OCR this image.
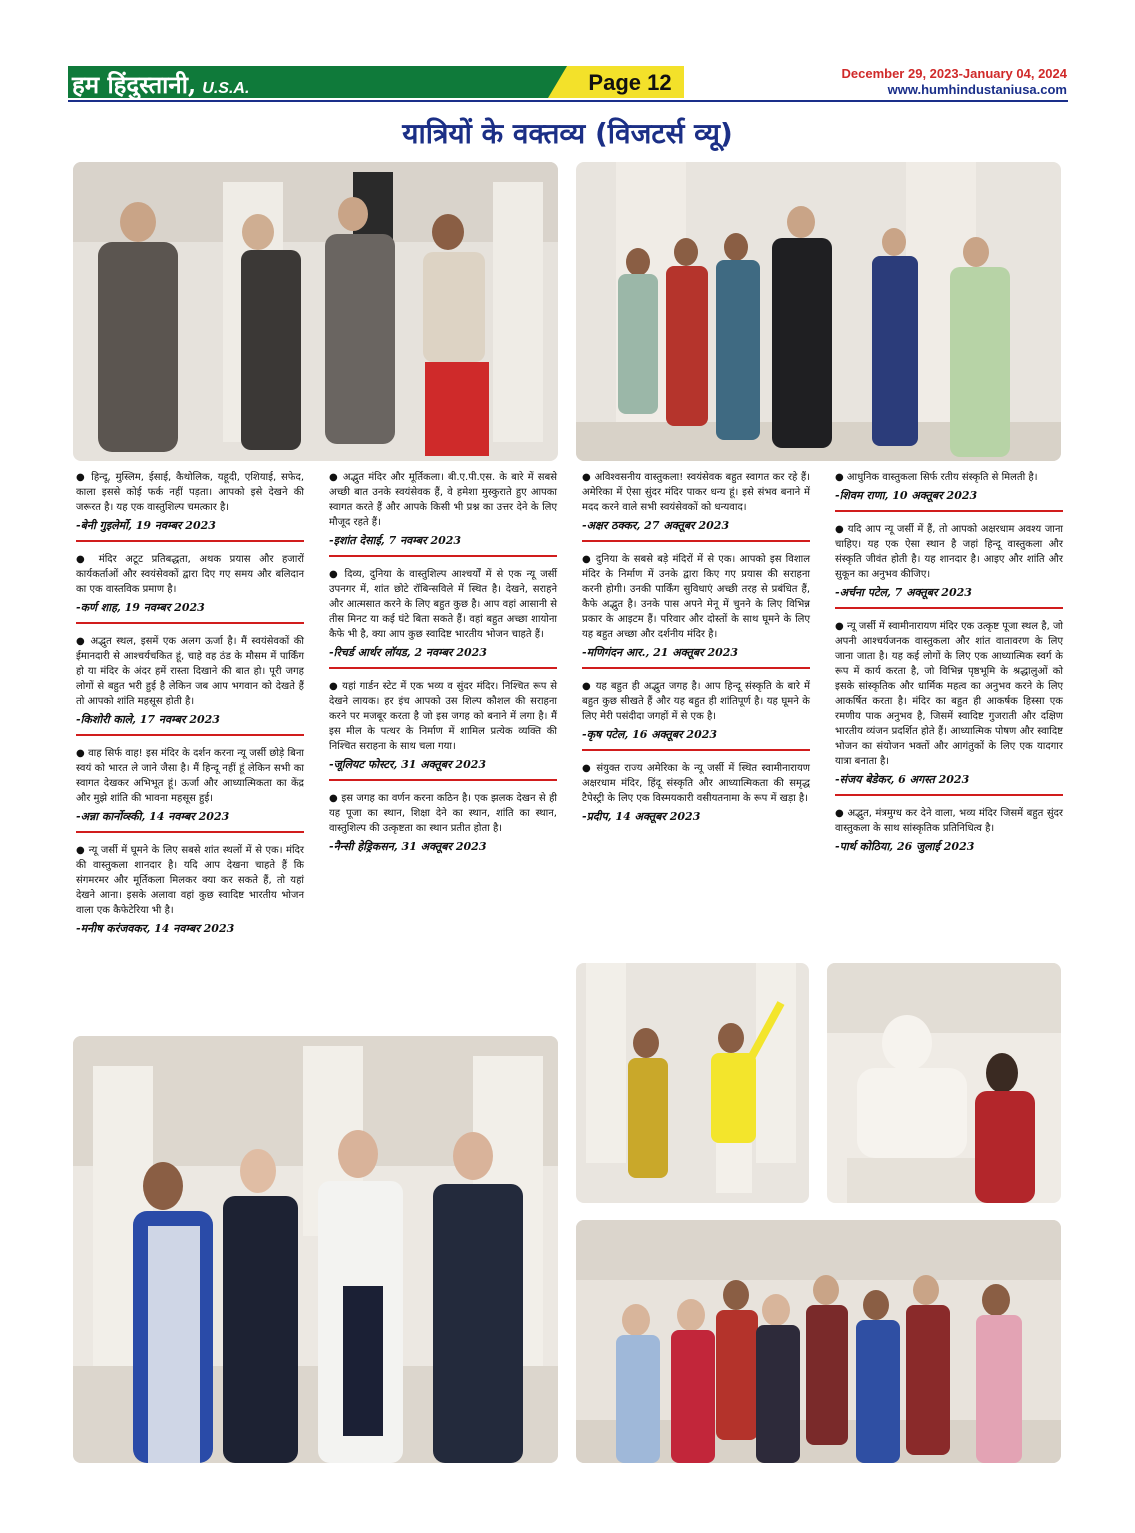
हम हिंदुस्तानी, U.S.A.	Page 12	December 29, 2023-January 04, 2024
www.humhindustaniusa.com
यात्रियों के वक्तव्य (विजटर्स व्यू)
● हिन्दू, मुस्लिम, ईसाई, कैथोलिक, यहूदी, एशियाई, सफेद, काला इससे कोई फर्क नहीं पड़ता। आपको इसे देखने की जरूरत है। यह एक वास्तुशिल्प चमत्कार है।
-बेनी गुइलेर्मो, 19 नवम्बर 2023
● मंदिर अटूट प्रतिबद्धता, अथक प्रयास और हजारों कार्यकर्ताओं और स्वयंसेवकों द्वारा दिए गए समय और बलिदान का एक वास्तविक प्रमाण है।
-कर्ण शाह, 19 नवम्बर 2023
● अद्भुत स्थल, इसमें एक अलग ऊर्जा है। मैं स्वयंसेवकों की ईमानदारी से आश्चर्यचकित हूं, चाहे वह ठंड के मौसम में पार्किंग हो या मंदिर के अंदर हमें रास्ता दिखाने की बात हो। पूरी जगह लोगों से बहुत भरी हुई है लेकिन जब आप भगवान को देखते हैं तो आपको शांति महसूस होती है।
-किशोरी काले, 17 नवम्बर 2023
● वाह सिर्फ वाह! इस मंदिर के दर्शन करना न्यू जर्सी छोड़े बिना स्वयं को भारत ले जाने जैसा है। मैं हिन्दू नहीं हूं लेकिन सभी का स्वागत देखकर अभिभूत हूं। ऊर्जा और आध्यात्मिकता का केंद्र और मुझे शांति की भावना महसूस हुई।
-अन्ना कार्नोव्स्की, 14 नवम्बर 2023
● न्यू जर्सी में घूमने के लिए सबसे शांत स्थलों में से एक। मंदिर की वास्तुकला शानदार है। यदि आप देखना चाहते हैं कि संगमरमर और मूर्तिकला मिलकर क्या कर सकते हैं, तो यहां देखने आना। इसके अलावा वहां कुछ स्वादिष्ट भारतीय भोजन वाला एक कैफेटेरिया भी है।
-मनीष करंजवकर, 14 नवम्बर 2023
● अद्भुत मंदिर और मूर्तिकला। बी.ए.पी.एस. के बारे में सबसे अच्छी बात उनके स्वयंसेवक हैं, वे हमेशा मुस्कुराते हुए आपका स्वागत करते हैं और आपके किसी भी प्रश्न का उत्तर देने के लिए मौजूद रहते हैं।
-इशांत देसाई, 7 नवम्बर 2023
● दिव्य, दुनिया के वास्तुशिल्प आश्चर्यों में से एक न्यू जर्सी उपनगर में, शांत छोटे रॉबिन्सविले में स्थित है। देखने, सराहने और आत्मसात करने के लिए बहुत कुछ है। आप वहां आसानी से तीस मिनट या कई घंटे बिता सकते हैं। वहां बहुत अच्छा शायोना कैफे भी है, क्या आप कुछ स्वादिष्ट भारतीय भोजन चाहते हैं।
-रिचर्ड आर्थर लॉयड, 2 नवम्बर 2023
● यहां गार्डन स्टेट में एक भव्य व सुंदर मंदिर। निश्चित रूप से देखने लायक। हर इंच आपको उस शिल्प कौशल की सराहना करने पर मजबूर करता है जो इस जगह को बनाने में लगा है। मैं इस मील के पत्थर के निर्माण में शामिल प्रत्येक व्यक्ति की निश्चित सराहना के साथ चला गया।
-जूलियट फोस्टर, 31 अक्तूबर 2023
● इस जगह का वर्णन करना कठिन है। एक झलक देखन से ही यह पूजा का स्थान, शिक्षा देने का स्थान, शांति का स्थान, वास्तुशिल्प की उत्कृष्टता का स्थान प्रतीत होता है।
-नैन्सी हेड्रिकसन, 31 अक्तूबर 2023
● अविश्वसनीय वास्तुकला! स्वयंसेवक बहुत स्वागत कर रहे हैं। अमेरिका में ऐसा सुंदर मंदिर पाकर धन्य हूं। इसे संभव बनाने में मदद करने वाले सभी स्वयंसेवकों को धन्यवाद।
-अक्षर ठक्कर, 27 अक्तूबर 2023
● दुनिया के सबसे बड़े मंदिरों में से एक। आपको इस विशाल मंदिर के निर्माण में उनके द्वारा किए गए प्रयास की सराहना करनी होगी। उनकी पार्किंग सुविधाएं अच्छी तरह से प्रबंधित हैं, कैफे अद्भुत है। उनके पास अपने मेनू में चुनने के लिए विभिन्न प्रकार के आइटम हैं। परिवार और दोस्तों के साथ घूमने के लिए यह बहुत अच्छा और दर्शनीय मंदिर है।
-मणिगंदन आर., 21 अक्तूबर 2023
● यह बहुत ही अद्भुत जगह है। आप हिन्दू संस्कृति के बारे में बहुत कुछ सीखते हैं और यह बहुत ही शांतिपूर्ण है। यह घूमने के लिए मेरी पसंदीदा जगहों में से एक है।
-कृष पटेल, 16 अक्तूबर 2023
● संयुक्त राज्य अमेरिका के न्यू जर्सी में स्थित स्वामीनारायण अक्षरधाम मंदिर, हिंदू संस्कृति और आध्यात्मिकता की समृद्ध टैपेस्ट्री के लिए एक विस्मयकारी वसीयतनामा के रूप में खड़ा है।
-प्रदीप, 14 अक्तूबर 2023
● आधुनिक वास्तुकला सिर्फ रतीय संस्कृति से मिलती है।
-शिवम राणा, 10 अक्तूबर 2023
● यदि आप न्यू जर्सी में हैं, तो आपको अक्षरधाम अवश्य जाना चाहिए। यह एक ऐसा स्थान है जहां हिन्दू वास्तुकला और संस्कृति जीवंत होती है। यह शानदार है। आइए और शांति और सुकून का अनुभव कीजिए।
-अर्चना पटेल, 7 अक्तूबर 2023
● न्यू जर्सी में स्वामीनारायण मंदिर एक उत्कृष्ट पूजा स्थल है, जो अपनी आश्चर्यजनक वास्तुकला और शांत वातावरण के लिए जाना जाता है। यह कई लोगों के लिए एक आध्यात्मिक स्वर्ग के रूप में कार्य करता है, जो विभिन्न पृष्ठभूमि के श्रद्धालुओं को इसके सांस्कृतिक और धार्मिक महत्व का अनुभव करने के लिए आकर्षित करता है। मंदिर का बहुत ही आकर्षक हिस्सा एक रमणीय पाक अनुभव है, जिसमें स्वादिष्ट गुजराती और दक्षिण भारतीय व्यंजन प्रदर्शित होते हैं। आध्यात्मिक पोषण और स्वादिष्ट भोजन का संयोजन भक्तों और आगंतुकों के लिए एक यादगार यात्रा बनाता है।
-संजय बेडेकर, 6 अगस्त 2023
● अद्भुत, मंत्रमुग्ध कर देने वाला, भव्य मंदिर जिसमें बहुत सुंदर वास्तुकला के साथ सांस्कृतिक प्रतिनिधित्व है।
-पार्थ कोठिया, 26 जुलाई 2023
